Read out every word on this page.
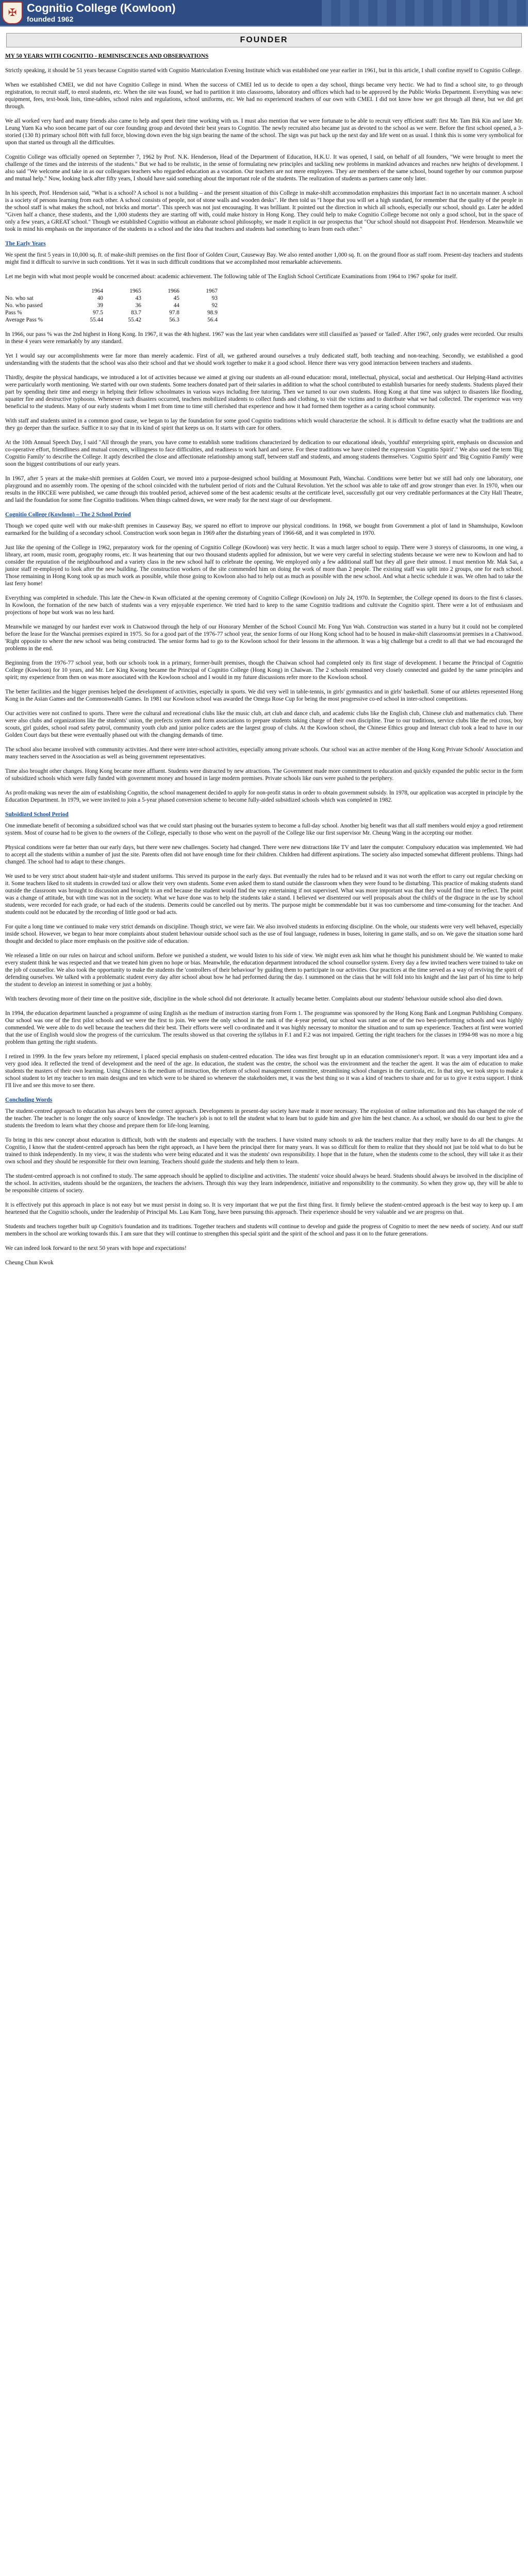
✠ Cognitio College (Kowloon)
founded 1962
FOUNDER

MY 50 YEARS WITH COGNITIO - REMINISCENCES AND OBSERVATIONS

Strictly speaking, it should be 51 years because Cognitio started with Cognitio Matriculation Evening Institute which was established one year earlier in 1961, but in this article, I shall confine myself to Cognitio College.

When we established CMEI, we did not have Cognitio College in mind. When the success of CMEI led us to decide to open a day school, things became very hectic. We had to find a school site, to go through registration, to recruit staff, to enrol students, etc. When the site was found, we had to partition it into classrooms, laboratory and offices which had to be approved by the Public Works Department. Everything was new: equipment, fees, text-book lists, time-tables, school rules and regulations, school uniforms, etc. We had no experienced teachers of our own with CMEI. I did not know how we got through all these, but we did get through.

We all worked very hard and many friends also came to help and spent their time working with us. I must also mention that we were fortunate to be able to recruit very efficient staff: first Mr. Tam Bik Kin and later Mr. Leung Yuen Ka who soon became part of our core founding group and devoted their best years to Cognitio. The newly recruited also became just as devoted to the school as we were. Before the first school opened, a 3-storied (130 ft) primary school 80ft with full force, blowing down even the big sign bearing the name of the school. The sign was put back up the next day and life went on as usual. I think this is some very symbolical for upon that started us through all the difficulties.

Cognitio College was officially opened on September 7, 1962 by Prof. N.K. Henderson, Head of the Department of Education, H.K.U. It was opened, I said, on behalf of all founders, "We were brought to meet the challenge of the times and the interests of the students." But we had to be realistic, in the sense of formulating new principles and tackling new problems in mankind advances and reaches new heights of development. I also said "We welcome and take in as our colleagues teachers who regarded education as a vocation. Our teachers are not mere employees. They are members of the same school, bound together by our common purpose and mutual help." Now, looking back after fifty years, I should have said something about the important role of the students. The realization of students as partners came only later.

In his speech, Prof. Henderson said, "What is a school? A school is not a building – and the present situation of this College in make-shift accommodation emphasizes this important fact in no uncertain manner. A school is a society of persons learning from each other. A school consists of people, not of stone walls and wooden desks". He then told us "I hope that you will set a high standard, for remember that the quality of the people in the school staff is what makes the school, not bricks and mortar". This speech was not just encouraging. It was brilliant. It pointed out the direction in which all schools, especially our school, should go. Later he added "Given half a chance, these students, and the 1,000 students they are starting off with, could make history in Hong Kong. They could help to make Cognitio College become not only a good school, but in the space of only a few years, a GREAT school." Though we established Cognitio without an elaborate school philosophy, we made it explicit in our prospectus that "Our school should not disappoint Prof. Henderson. Meanwhile we took in mind his emphasis on the importance of the students in a school and the idea that teachers and students had something to learn from each other."

The Early Years

We spent the first 5 years in 10,000 sq. ft. of make-shift premises on the first floor of Golden Court, Causeway Bay. We also rented another 1,000 sq. ft. on the ground floor as staff room. Present-day teachers and students might find it difficult to survive in such conditions. Yet it was in such difficult conditions that we accomplished most remarkable achievements.

Let me begin with what most people would be concerned about: academic achievement. The following table of The English School Certificate Examinations from 1964 to 1967 spoke for itself.

	1964	1965	1966	1967
No. who sat	40	43	45	93
No. who passed	39	36	44	92
Pass %	97.5	83.7	97.8	98.9
Average Pass %	55.44	55.42	56.3	56.4

In 1966, our pass % was the 2nd highest in Hong Kong. In 1967, it was the 4th highest. 1967 was the last year when candidates were still classified as 'passed' or 'failed'. After 1967, only grades were recorded. Our results in these 4 years were remarkably by any standard.

Yet I would say our accomplishments were far more than merely academic. First of all, we gathered around ourselves a truly dedicated staff, both teaching and non-teaching. Secondly, we established a good understanding with the students that the school was also their school and that we should work together to make it a good school. Hence there was very good interaction between teachers and students.

Thirdly, despite the physical handicaps, we introduced a lot of activities because we aimed at giving our students an all-round education: moral, intellectual, physical, social and aesthetical. Our Helping-Hand activities were particularly worth mentioning. We started with our own students. Some teachers donated part of their salaries in addition to what the school contributed to establish bursaries for needy students. Students played their part by spending their time and energy in helping their fellow schoolmates in various ways including free tutoring. Then we turned to our own students. Hong Kong at that time was subject to disasters like flooding, squatter fire and destructive typhoons. Whenever such disasters occurred, teachers mobilized students to collect funds and clothing, to visit the victims and to distribute what we had collected. The experience was very beneficial to the students. Many of our early students whom I met from time to time still cherished that experience and how it had formed them together as a caring school community.

With staff and students united in a common good cause, we began to lay the foundation for some good Cognitio traditions which would characterize the school. It is difficult to define exactly what the traditions are and they go deeper than the surface. Suffice it to say that in its kind of spirit that keeps us on. It starts with care for others.

At the 10th Annual Speech Day, I said "All through the years, you have come to establish some traditions characterized by dedication to our educational ideals, 'youthful' enterprising spirit, emphasis on discussion and co-operative effort, friendliness and mutual concern, willingness to face difficulties, and readiness to work hard and serve. For these traditions we have coined the expression 'Cognitio Spirit'." We also used the term 'Big Cognitio Family' to describe the College. It aptly described the close and affectionate relationship among staff, between staff and students, and among students themselves. 'Cognitio Spirit' and 'Big Cognitio Family' were soon the biggest contributions of our early years.

In 1967, after 5 years at the make-shift premises at Golden Court, we moved into a purpose-designed school building at Mossmount Path, Wanchai. Conditions were better but we still had only one laboratory, one playground and no assembly room. The opening of the school coincided with the turbulent period of riots and the Cultural Revolution. Yet the school was able to take off and grow stronger than ever. In 1970, when our results in the HKCEE were published, we came through this troubled period, achieved some of the best academic results at the certificate level, successfully got our very creditable performances at the City Hall Theatre, and laid the foundation for some fine Cognitio traditions. When things calmed down, we were ready for the next stage of our development.

Cognitio College (Kowloon) – The 2 School Period

Though we coped quite well with our make-shift premises in Causeway Bay, we spared no effort to improve our physical conditions. In 1968, we bought from Government a plot of land in Shamshuipo, Kowloon earmarked for the building of a secondary school. Construction work soon began in 1969 after the disturbing years of 1966-68, and it was completed in 1970.

Just like the opening of the College in 1962, preparatory work for the opening of Cognitio College (Kowloon) was very hectic. It was a much larger school to equip. There were 3 storeys of classrooms, in one wing, a library, art room, music room, geography rooms, etc. It was heartening that our two thousand students applied for admission, but we were very careful in selecting students because we were new to Kowloon and had to consider the reputation of the neighbourhood and a variety class in the new school half to celebrate the opening. We employed only a few additional staff but they all gave their utmost. I must mention Mr. Mak Sai, a junior staff re-employed to look after the new building. The construction workers of the site commended him on doing the work of more than 2 people. The existing staff was split into 2 groups, one for each school. Those remaining in Hong Kong took up as much work as possible, while those going to Kowloon also had to help out as much as possible with the new school. And what a hectic schedule it was. We often had to take the last ferry home!

Everything was completed in schedule. This late the Chew-in Kwan officiated at the opening ceremony of Cognitio College (Kowloon) on July 24, 1970. In September, the College opened its doors to the first 6 classes. In Kowloon, the formation of the new batch of students was a very enjoyable experience. We tried hard to keep to the same Cognitio traditions and cultivate the Cognitio spirit. There were a lot of enthusiasm and projections of hope but work was no less hard.

Meanwhile we managed by our hardest ever work in Chatswood through the help of our Honorary Member of the School Council Mr. Fong Yun Wah. Construction was started in a hurry but it could not be completed before the lease for the Wanchai premises expired in 1975. So for a good part of the 1976-77 school year, the senior forms of our Hong Kong school had to be housed in make-shift classrooms/at premises in a Chatswood. 'Right opposite to where the new school was being constructed. The senior forms had to go to the Kowloon school for their lessons in the afternoon. It was a big challenge but a credit to all that we had encouraged the problems in the end.

Beginning from the 1976-77 school year, both our schools took in a primary, former-built premises, though the Chaiwan school had completed only its first stage of development. I became the Principal of Cognitio College (Kowloon) for 10 years, and Mr. Lee King Kwong became the Principal of Cognitio College (Hong Kong) in Chaiwan. The 2 schools remained very closely connected and guided by the same principles and spirit; my experience from then on was more associated with the Kowloon school and I would in my future discussions refer more to the Kowloon school.

The better facilities and the bigger premises helped the development of activities, especially in sports. We did very well in table-tennis, in girls' gymnastics and in girls' basketball. Some of our athletes represented Hong Kong in the Asian Games and the Commonwealth Games. In 1981 our Kowloon school was awarded the Omega Rose Cup for being the most progressive co-ed school in inter-school competitions.

Our activities were not confined to sports. There were the cultural and recreational clubs like the music club, art club and dance club, and academic clubs like the English club, Chinese club and mathematics club. There were also clubs and organizations like the students' union, the prefects system and form associations to prepare students taking charge of their own discipline. True to our traditions, service clubs like the red cross, boy scouts, girl guides, school road safety patrol, community youth club and junior police cadets are the largest group of clubs. At the Kowloon school, the Chinese Ethics group and Interact club took a lead to have in our Golden Court days but these were eventually phased out with the changing demands of time.

The school also became involved with community activities. And there were inter-school activities, especially among private schools. Our school was an active member of the Hong Kong Private Schools' Association and many teachers served in the Association as well as being government representatives.

Time also brought other changes. Hong Kong became more affluent. Students were distracted by new attractions. The Government made more commitment to education and quickly expanded the public sector in the form of subsidized schools which were fully funded with government money and housed in large modern premises. Private schools like ours were pushed to the periphery.

As profit-making was never the aim of establishing Cognitio, the school management decided to apply for non-profit status in order to obtain government subsidy. In 1978, our application was accepted in principle by the Education Department. In 1979, we were invited to join a 5-year phased conversion scheme to become fully-aided subsidized schools which was completed in 1982.

Subsidized School Period

One immediate benefit of becoming a subsidized school was that we could start phasing out the bursaries system to become a full-day school. Another big benefit was that all staff members would enjoy a good retirement system. Most of course had to be given to the owners of the College, especially to those who went on the payroll of the College like our first supervisor Mr. Cheung Wang in the accepting our mother.

Physical conditions were far better than our early days, but there were new challenges. Society had changed. There were new distractions like TV and later the computer. Compulsory education was implemented. We had to accept all the students within a number of just the site. Parents often did not have enough time for their children. Children had different aspirations. The society also impacted somewhat different problems. Things had changed. The school had to adapt to these changes.

We used to be very strict about student hair-style and student uniforms. This served its purpose in the early days. But eventually the rules had to be relaxed and it was not worth the effort to carry out regular checking on it. Some teachers liked to sit students in crowded taxi or allow their very own students. Some even asked them to stand outside the classroom when they were found to be disturbing. This practice of making students stand outside the classroom was brought to discussion and brought to an end because the student would find the way entertaining if not supervised. What was more important was that they would find time to reflect. The point was a change of attitude, but with time was not in the society. What we have done was to help the students take a stand. I believed we disentered our well proposals about the child's of the disgrace in the use by school students, were recorded for each grade, or had each of the students. Demerits could be cancelled out by merits. The purpose might be commendable but it was too cumbersome and time-consuming for the teacher. And students could not be educated by the recording of little good or bad acts.

For quite a long time we continued to make very strict demands on discipline. Though strict, we were fair. We also involved students in enforcing discipline. On the whole, our students were very well behaved, especially inside school. However, we began to hear more complaints about student behaviour outside school such as the use of foul language, rudeness in buses, loitering in game stalls, and so on. We gave the situation some hard thought and decided to place more emphasis on the positive side of education.

We released a little on our rules on haircut and school uniform. Before we punished a student, we would listen to his side of view. We might even ask him what he thought his punishment should be. We wanted to make every student think he was respected and that we treated him given no hope or bias. Meanwhile, the education department introduced the school counsellor system. Every day a few invited teachers were trained to take on the job of counsellor. We also took the opportunity to make the students the 'controllers of their behaviour' by guiding them to participate in our activities. Our practices at the time served as a way of reviving the spirit of defending ourselves. We talked with a problematic student every day after school about how he had performed during the day. I summoned on the class that he will fold into his knight and the last part of his time to help the student to develop an interest in something or just a hobby.

With teachers devoting more of their time on the positive side, discipline in the whole school did not deteriorate. It actually became better. Complaints about our students' behaviour outside school also died down.

In 1994, the education department launched a programme of using English as the medium of instruction starting from Form 1. The programme was sponsored by the Hong Kong Bank and Longman Publishing Company. Our school was one of the first pilot schools and we were the first to join. We were the only school in the rank of the 4-year period, our school was rated as one of the two best-performing schools and was highly commended. We were able to do well because the teachers did their best. Their efforts were well co-ordinated and it was highly necessary to monitor the situation and to sum up experience. Teachers at first were worried that the use of English would slow the progress of the curriculum. The results showed us that covering the syllabus in F.1 and F.2 was not impaired. Getting the right teachers for the classes in 1994-98 was no more a big problem than getting the right students.

I retired in 1999. In the few years before my retirement, I placed special emphasis on student-centred education. The idea was first brought up in an education commissioner's report. It was a very important idea and a very good idea. It reflected the trend of development and the need of the age. In education, the student was the centre, the school was the environment and the teacher the agent. It was the aim of education to make students the masters of their own learning. Using Chinese is the medium of instruction, the reform of school management committee, streamlining school changes in the curricula, etc. In that step, we took steps to make a school student to let my teacher to ten main designs and ten which were to be shared so whenever the stakeholders met, it was the best thing so it was a kind of teachers to share and for us to give it extra support. I think I'll live and see this move to see there.

Concluding Words

The student-centred approach to education has always been the correct approach. Developments in present-day society have made it more necessary. The explosion of online information and this has changed the role of the teacher. The teacher is no longer the only source of knowledge. The teacher's job is not to tell the student what to learn but to guide him and give him the best chance. As a school, we should do our best to give the students the freedom to learn what they choose and prepare them for life-long learning.

To bring in this new concept about education is difficult, both with the students and especially with the teachers. I have visited many schools to ask the teachers realize that they really have to do all the changes. At Cognitio, I know that the student-centred approach has been the right approach, as I have been the principal there for many years. It was so difficult for them to realize that they should not just be told what to do but be trained to think independently. In my view, it was the students who were being educated and it was the students' own responsibility. I hope that in the future, when the students come to the school, they will take it as their own school and they should be responsible for their own learning. Teachers should guide the students and help them to learn.

The student-centred approach is not confined to study. The same approach should be applied to discipline and activities. The students' voice should always be heard. Students should always be involved in the discipline of the school. In activities, students should be the organizers, the teachers the advisers. Through this way they learn independence, initiative and responsibility to the community. So when they grow up, they will be able to be responsible citizens of society.

It is effectively put this approach in place is not easy but we must persist in doing so. It is very important that we put the first thing first. It firmly believe the student-centred approach is the best way to keep up. I am heartened that the Cognitio schools, under the leadership of Principal Ms. Lau Kam Tong, have been pursuing this approach. Their experience should be very valuable and we are progress on that.

Students and teachers together built up Cognitio's foundation and its traditions. Together teachers and students will continue to develop and guide the progress of Cognitio to meet the new needs of society. And our staff members in the school are working towards this. I am sure that they will continue to strengthen this special spirit and the spirit of the school and pass it on to the future generations.

We can indeed look forward to the next 50 years with hope and expectations!

Cheung Chun Kwok
